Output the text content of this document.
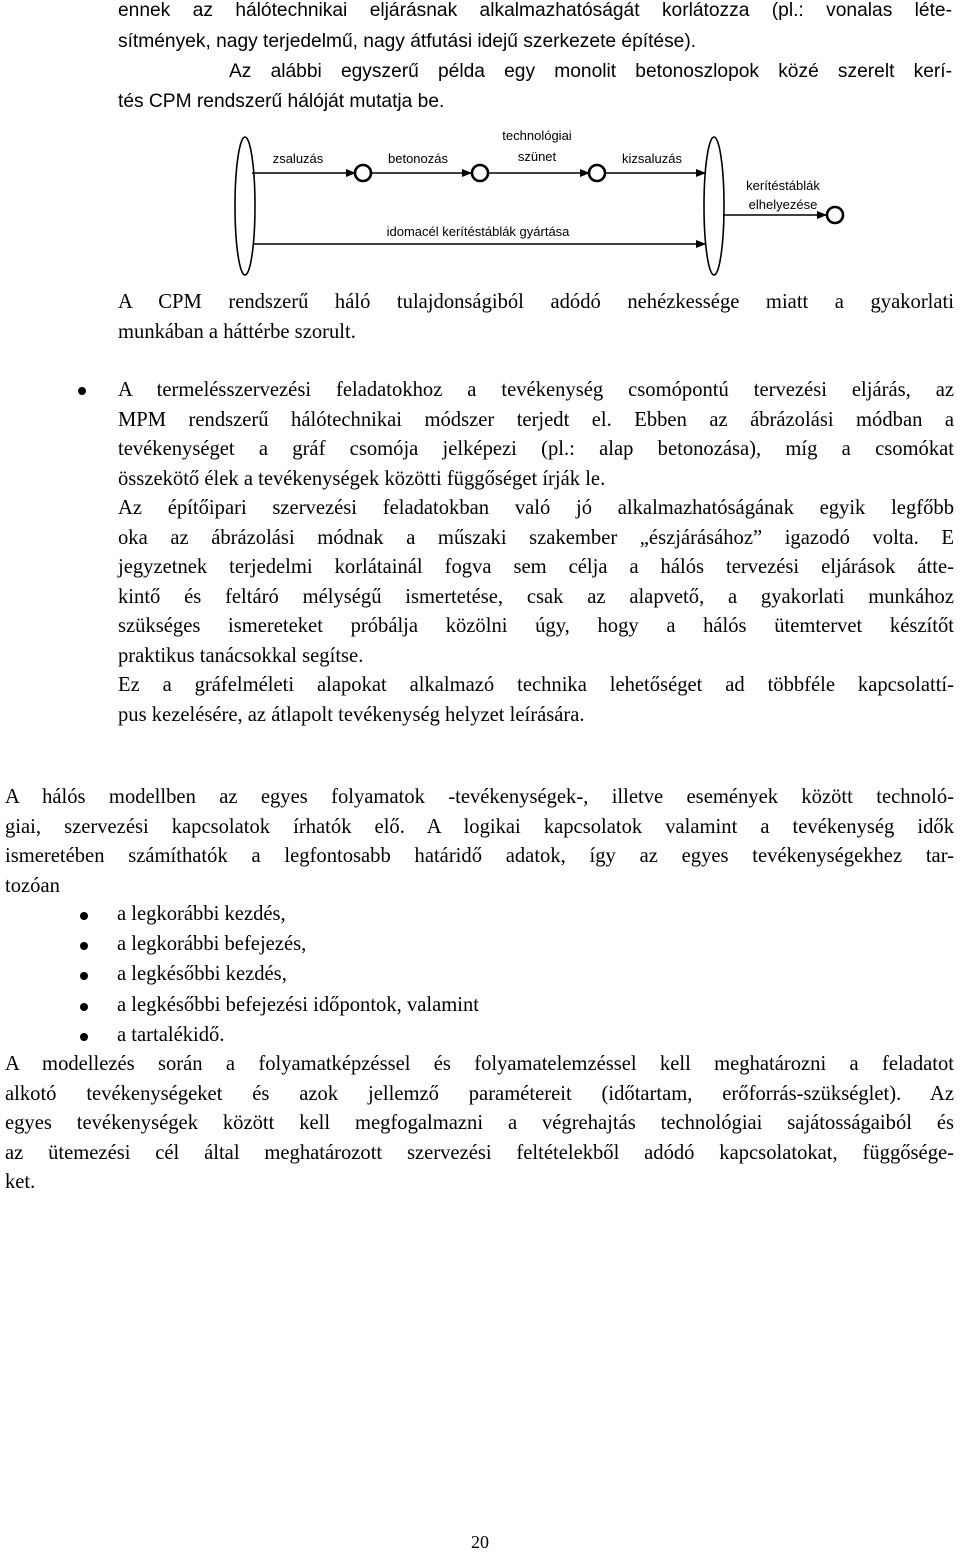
ennek az hálótechnikai eljárásnak alkalmazhatóságát korlátozza (pl.: vonalas léte-
sítmények, nagy terjedelmű, nagy átfutási idejű szerkezete építése).
Az alábbi egyszerű példa egy monolit betonoszlopok közé szerelt kerí-
tés CPM rendszerű hálóját mutatja be.
zsaluzás	betonozás
technológiai
szünet	kizsaluzás
kerítéstáblák
elhelyezése
idomacél kerítéstáblák gyártása
A CPM rendszerű háló tulajdonságiból adódó nehézkessége miatt a gyakorlati
munkában a háttérbe szorult.
A termelésszervezési feladatokhoz a tevékenység csomópontú tervezési eljárás, az
MPM rendszerű hálótechnikai módszer terjedt el. Ebben az ábrázolási módban a
tevékenységet a gráf csomója jelképezi (pl.: alap betonozása), míg a csomókat
összekötő élek a tevékenységek közötti függőséget írják le.
Az építőipari szervezési feladatokban való jó alkalmazhatóságának egyik legfőbb
oka az ábrázolási módnak a műszaki szakember „észjárásához” igazodó volta. E
jegyzetnek terjedelmi korlátainál fogva sem célja a hálós tervezési eljárások átte-
kintő és feltáró mélységű ismertetése, csak az alapvető, a gyakorlati munkához
szükséges ismereteket próbálja közölni úgy, hogy a hálós ütemtervet készítőt
praktikus tanácsokkal segítse.
Ez a gráfelméleti alapokat alkalmazó technika lehetőséget ad többféle kapcsolattí-
pus kezelésére, az átlapolt tevékenység helyzet leírására.
A hálós modellben az egyes folyamatok -tevékenységek-, illetve események között technoló-
giai, szervezési kapcsolatok írhatók elő. A logikai kapcsolatok valamint a tevékenység idők
ismeretében számíthatók a legfontosabb határidő adatok, így az egyes tevékenységekhez tar-
tozóan
a legkorábbi kezdés,
a legkorábbi befejezés,
a legkésőbbi kezdés,
a legkésőbbi befejezési időpontok, valamint
a tartalékidő.
A modellezés során a folyamatképzéssel és folyamatelemzéssel kell meghatározni a feladatot
alkotó tevékenységeket és azok jellemző paramétereit (időtartam, erőforrás-szükséglet). Az
egyes tevékenységek között kell megfogalmazni a végrehajtás technológiai sajátosságaiból és
az ütemezési cél által meghatározott szervezési feltételekből adódó kapcsolatokat, függősége-
ket.
20
